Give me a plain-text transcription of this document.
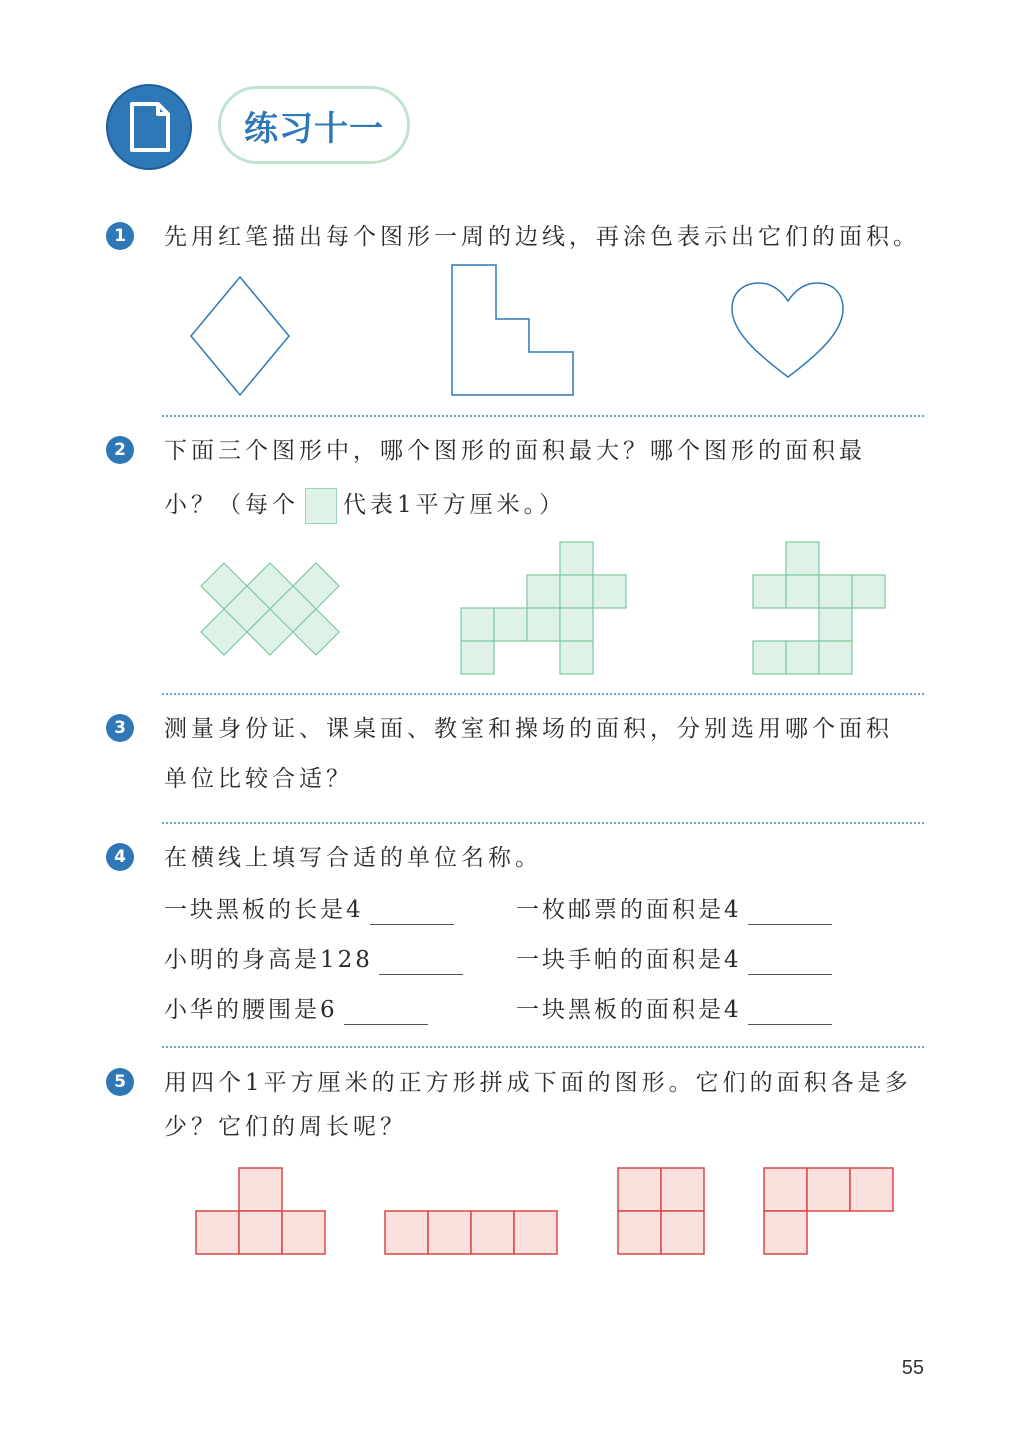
练习十一
1	先用红笔描出每个图形一周的边线，再涂色表示出它们的面积。
2	下面三个图形中，哪个图形的面积最大？哪个图形的面积最
小？（每个 代表1平方厘米。）
3	测量身份证、课桌面、教室和操场的面积，分别选用哪个面积
单位比较合适？
4	在横线上填写合适的单位名称。
一块黑板的长是4	一枚邮票的面积是4
小明的身高是128	一块手帕的面积是4
小华的腰围是6	一块黑板的面积是4
5	用四个1平方厘米的正方形拼成下面的图形。它们的面积各是多
少？它们的周长呢？
55
